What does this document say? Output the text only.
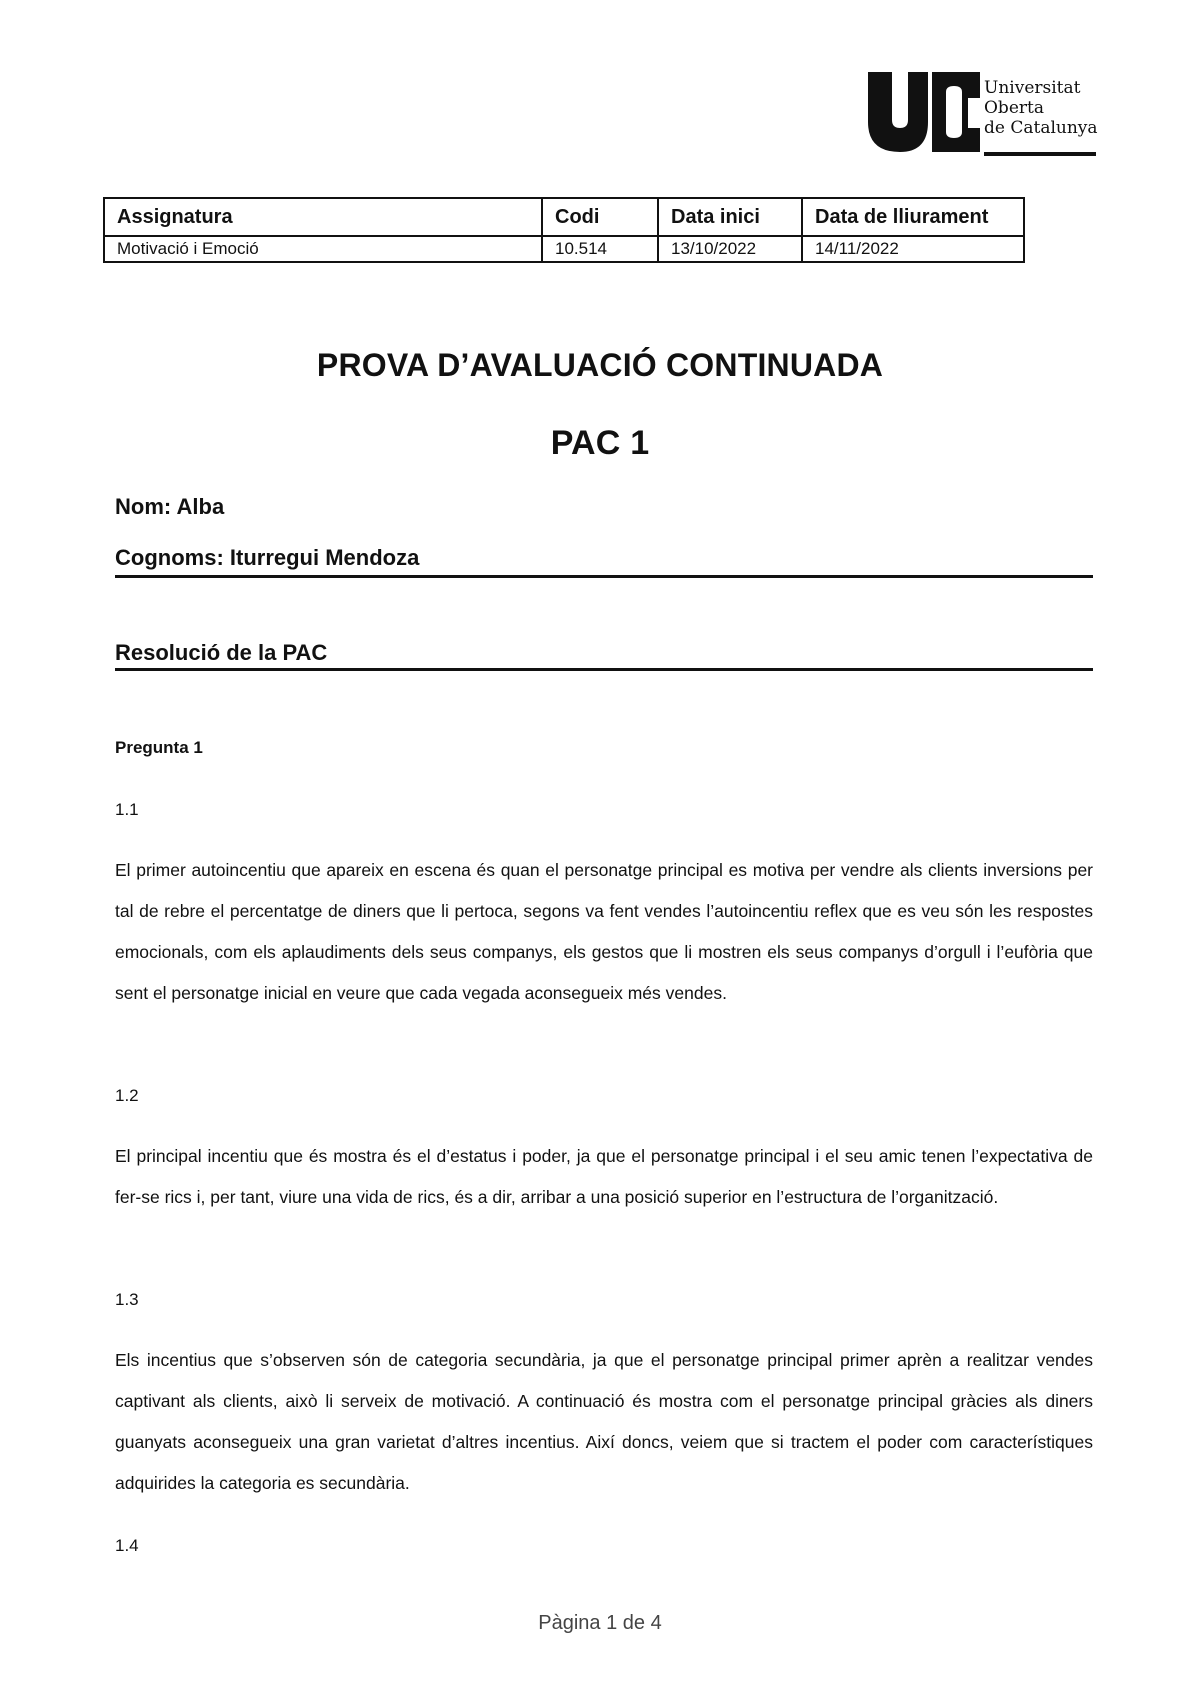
Universitat
Oberta
de Catalunya
Assignatura	Codi	Data inici	Data de lliurament
Motivació i Emoció	10.514	13/10/2022	14/11/2022
PROVA D’AVALUACIÓ CONTINUADA
PAC 1
Nom: Alba
Cognoms: Iturregui Mendoza
Resolució de la PAC
Pregunta 1
1.1
El primer autoincentiu que apareix en escena és quan el personatge principal es motiva per vendre als clients inversions per tal de rebre el percentatge de diners que li pertoca, segons va fent vendes l’autoincentiu reflex que es veu són les respostes emocionals, com els aplaudiments dels seus companys, els gestos que li mostren els seus companys d’orgull i l’eufòria que sent el personatge inicial en veure que cada vegada aconsegueix més vendes.
1.2
El principal incentiu que és mostra és el d’estatus i poder, ja que el personatge principal i el seu amic tenen l’expectativa de fer-se rics i, per tant, viure una vida de rics, és a dir, arribar a una posició superior en l’estructura de l’organització.
1.3
Els incentius que s’observen són de categoria secundària, ja que el personatge principal primer aprèn a realitzar vendes captivant als clients, això li serveix de motivació. A continuació és mostra com el personatge principal gràcies als diners guanyats aconsegueix una gran varietat d’altres incentius. Així doncs, veiem que si tractem el poder com característiques adquirides la categoria es secundària.
1.4
Pàgina 1 de 4
